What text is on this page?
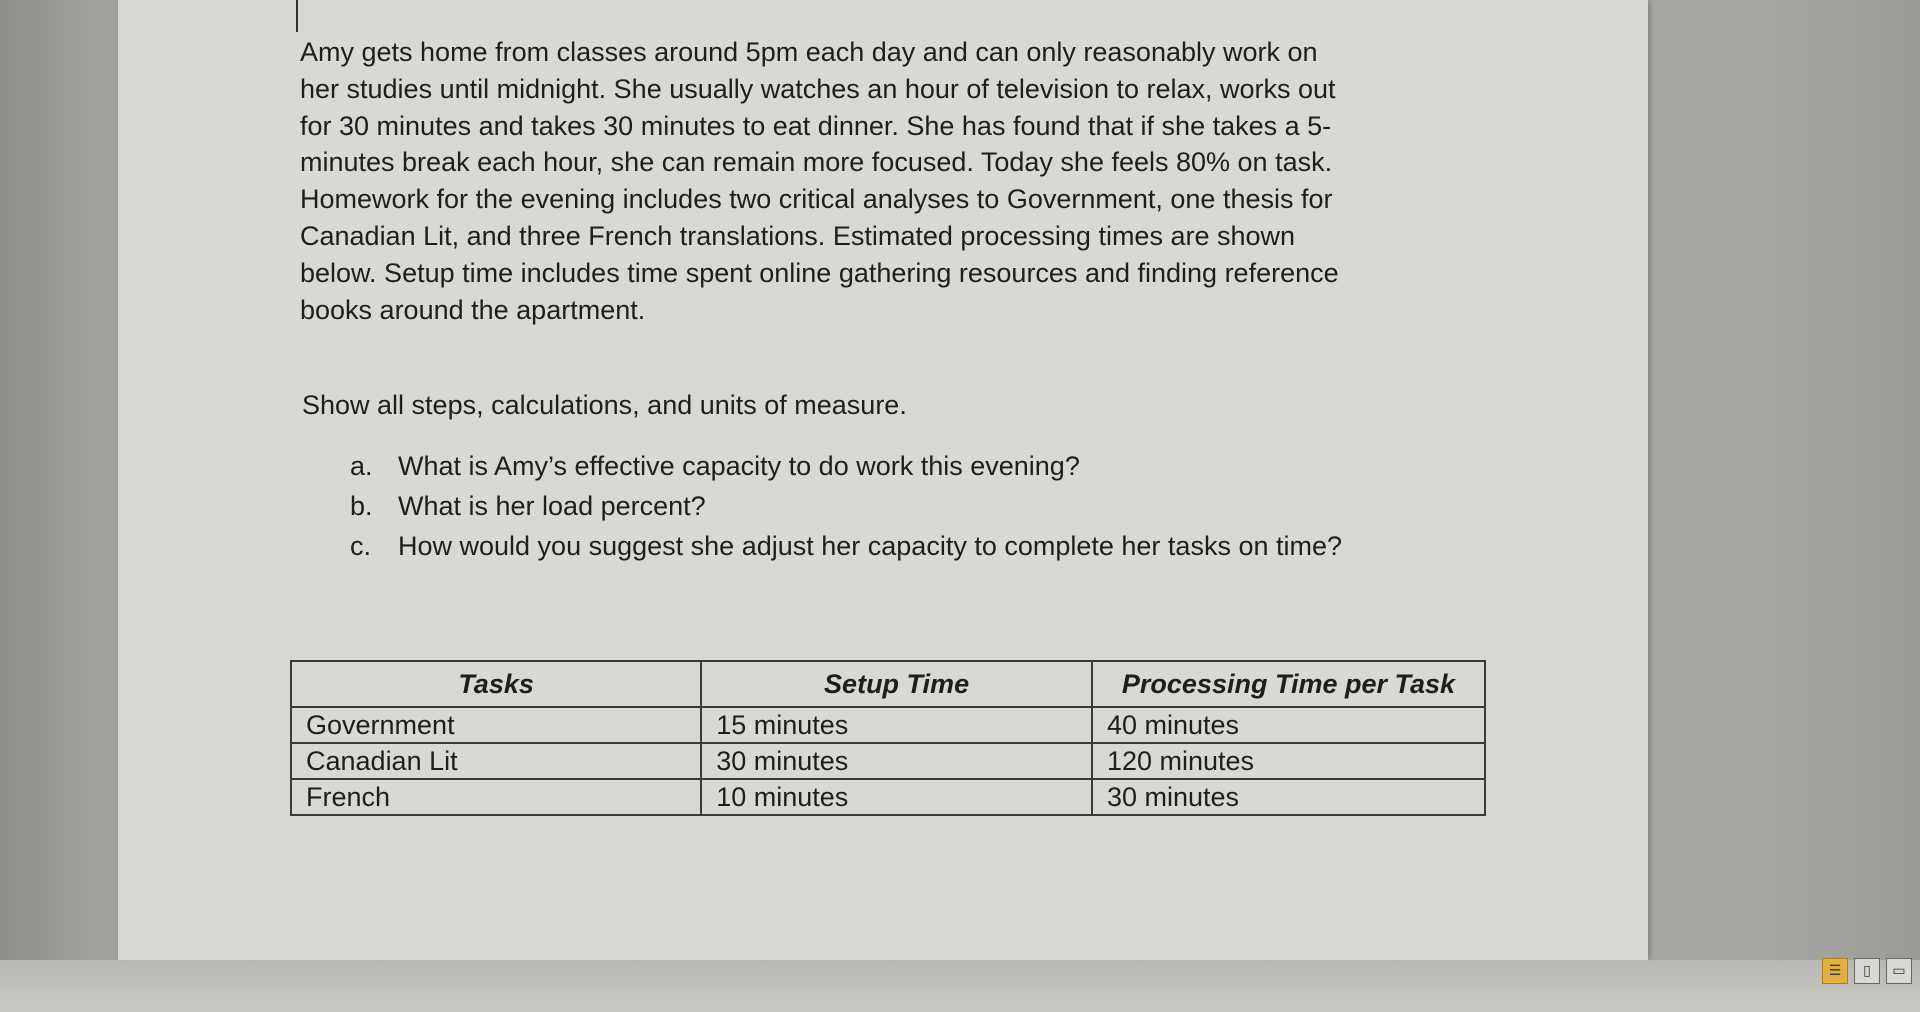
Amy gets home from classes around 5pm each day and can only reasonably work on
her studies until midnight. She usually watches an hour of television to relax, works out
for 30 minutes and takes 30 minutes to eat dinner. She has found that if she takes a 5-
minutes break each hour, she can remain more focused. Today she feels 80% on task.
Homework for the evening includes two critical analyses to Government, one thesis for
Canadian Lit, and three French translations. Estimated processing times are shown
below. Setup time includes time spent online gathering resources and finding reference
books around the apartment.
Show all steps, calculations, and units of measure.
a. What is Amy’s effective capacity to do work this evening?
b. What is her load percent?
c. How would you suggest she adjust her capacity to complete her tasks on time?
Tasks	Setup Time	Processing Time per Task
Government	15 minutes	40 minutes
Canadian Lit	30 minutes	120 minutes
French	10 minutes	30 minutes
☰	▯	▭
